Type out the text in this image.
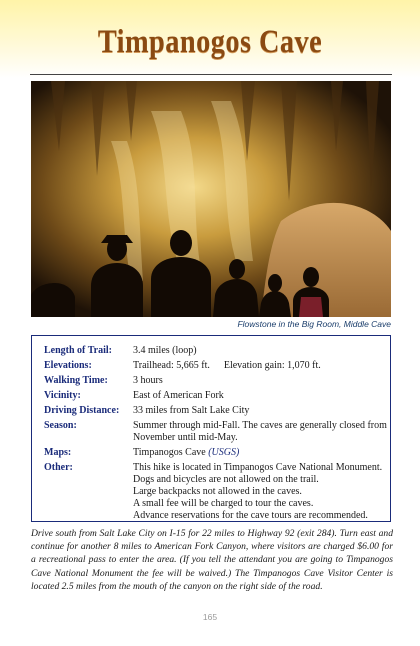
Timpanogos Cave
Flowstone in the Big Room, Middle Cave
Length of Trail:	3.4 miles (loop)
Elevations:	Trailhead: 5,665 ft. Elevation gain: 1,070 ft.
Walking Time:	3 hours
Vicinity:	East of American Fork
Driving Distance:	33 miles from Salt Lake City
Season:	Summer through mid-Fall. The caves are generally closed from November until mid-May.
Maps:	Timpanogos Cave (USGS)
Other:	This hike is located in Timpanogos Cave National Monument.
Dogs and bicycles are not allowed on the trail.
Large backpacks not allowed in the caves.
A small fee will be charged to tour the caves.
Advance reservations for the cave tours are recommended.
Drive south from Salt Lake City on I-15 for 22 miles to Highway 92 (exit 284). Turn east and continue for another 8 miles to American Fork Canyon, where visitors are charged $6.00 for a recreational pass to enter the area. (If you tell the attendant you are going to Timpanogos Cave National Monument the fee will be waived.) The Timpanogos Cave Visitor Center is located 2.5 miles from the mouth of the canyon on the right side of the road.
165
